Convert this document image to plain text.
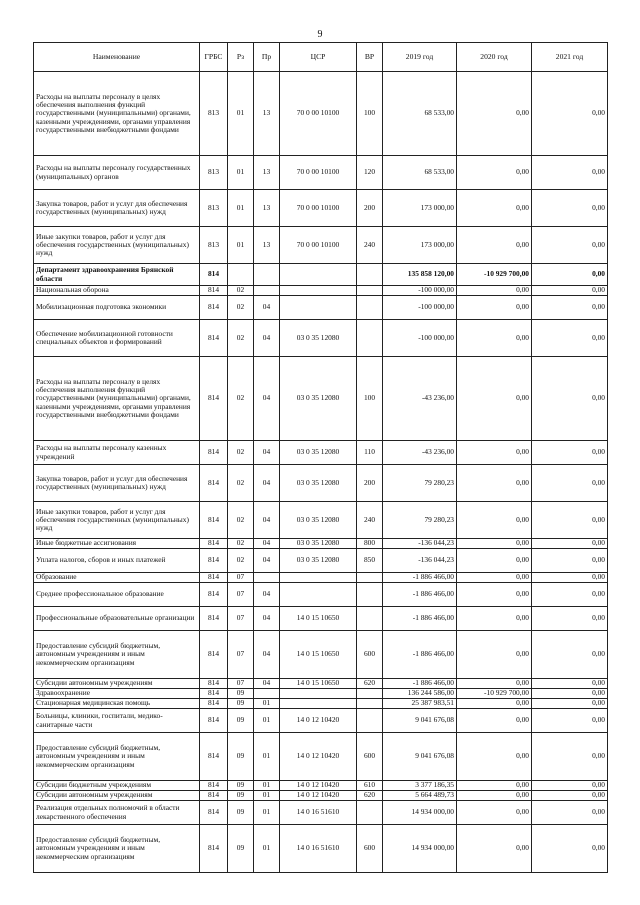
9
Наименование	ГРБС	Рз	Пр	ЦСР	ВР	2019 год	2020 год	2021 год
Расходы на выплаты персоналу в целях обеспечения выполнения функций государственными (муниципальными) органами, казенными учреждениями, органами управления государственными внебюджетными фондами	813	01	13	70 0 00 10100	100	68 533,00	0,00	0,00
Расходы на выплаты персоналу государственных (муниципальных) органов	813	01	13	70 0 00 10100	120	68 533,00	0,00	0,00
Закупка товаров, работ и услуг для обеспечения государственных (муниципальных) нужд	813	01	13	70 0 00 10100	200	173 000,00	0,00	0,00
Иные закупки товаров, работ и услуг для обеспечения государственных (муниципальных) нужд	813	01	13	70 0 00 10100	240	173 000,00	0,00	0,00
Департамент здравоохранения Брянской области	814					135 858 120,00	-10 929 700,00	0,00
Национальная оборона	814	02				-100 000,00	0,00	0,00
Мобилизационная подготовка экономики	814	02	04			-100 000,00	0,00	0,00
Обеспечение мобилизационной готовности специальных объектов и формирований	814	02	04	03 0 35 12080		-100 000,00	0,00	0,00
Расходы на выплаты персоналу в целях обеспечения выполнения функций государственными (муниципальными) органами, казенными учреждениями, органами управления государственными внебюджетными фондами	814	02	04	03 0 35 12080	100	-43 236,00	0,00	0,00
Расходы на выплаты персоналу казенных учреждений	814	02	04	03 0 35 12080	110	-43 236,00	0,00	0,00
Закупка товаров, работ и услуг для обеспечения государственных (муниципальных) нужд	814	02	04	03 0 35 12080	200	79 280,23	0,00	0,00
Иные закупки товаров, работ и услуг для обеспечения государственных (муниципальных) нужд	814	02	04	03 0 35 12080	240	79 280,23	0,00	0,00
Иные бюджетные ассигнования	814	02	04	03 0 35 12080	800	-136 044,23	0,00	0,00
Уплата налогов, сборов и иных платежей	814	02	04	03 0 35 12080	850	-136 044,23	0,00	0,00
Образование	814	07				-1 886 466,00	0,00	0,00
Среднее профессиональное образование	814	07	04			-1 886 466,00	0,00	0,00
Профессиональные образовательные организации	814	07	04	14 0 15 10650		-1 886 466,00	0,00	0,00
Предоставление субсидий бюджетным, автономным учреждениям и иным некоммерческим организациям	814	07	04	14 0 15 10650	600	-1 886 466,00	0,00	0,00
Субсидии автономным учреждениям	814	07	04	14 0 15 10650	620	-1 886 466,00	0,00	0,00
Здравоохранение	814	09				136 244 586,00	-10 929 700,00	0,00
Стационарная медицинская помощь	814	09	01			25 387 983,51	0,00	0,00
Больницы, клиники, госпитали, медико-санитарные части	814	09	01	14 0 12 10420		9 041 676,08	0,00	0,00
Предоставление субсидий бюджетным, автономным учреждениям и иным некоммерческим организациям	814	09	01	14 0 12 10420	600	9 041 676,08	0,00	0,00
Субсидии бюджетным учреждениям	814	09	01	14 0 12 10420	610	3 377 186,35	0,00	0,00
Субсидии автономным учреждениям	814	09	01	14 0 12 10420	620	5 664 489,73	0,00	0,00
Реализация отдельных полномочий в области лекарственного обеспечения	814	09	01	14 0 16 51610		14 934 000,00	0,00	0,00
Предоставление субсидий бюджетным, автономным учреждениям и иным некоммерческим организациям	814	09	01	14 0 16 51610	600	14 934 000,00	0,00	0,00
